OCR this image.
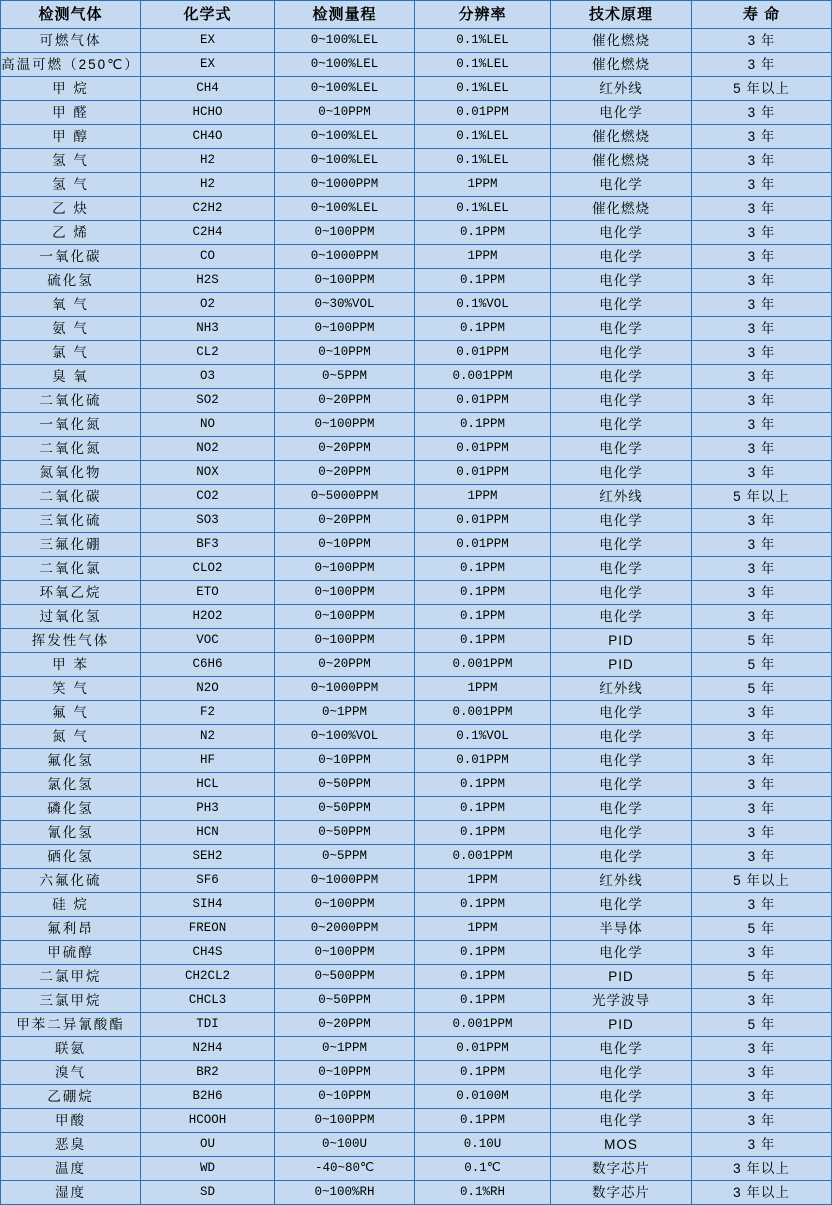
检测气体	化学式	检测量程	分辨率	技术原理	寿 命
可燃气体	EX	0~100%LEL	0.1%LEL	催化燃烧	3 年
高温可燃（250℃）	EX	0~100%LEL	0.1%LEL	催化燃烧	3 年
甲 烷	CH4	0~100%LEL	0.1%LEL	红外线	5 年以上
甲 醛	HCHO	0~10PPM	0.01PPM	电化学	3 年
甲 醇	CH4O	0~100%LEL	0.1%LEL	催化燃烧	3 年
氢 气	H2	0~100%LEL	0.1%LEL	催化燃烧	3 年
氢 气	H2	0~1000PPM	1PPM	电化学	3 年
乙 炔	C2H2	0~100%LEL	0.1%LEL	催化燃烧	3 年
乙 烯	C2H4	0~100PPM	0.1PPM	电化学	3 年
一氧化碳	CO	0~1000PPM	1PPM	电化学	3 年
硫化氢	H2S	0~100PPM	0.1PPM	电化学	3 年
氧 气	O2	0~30%VOL	0.1%VOL	电化学	3 年
氨 气	NH3	0~100PPM	0.1PPM	电化学	3 年
氯 气	CL2	0~10PPM	0.01PPM	电化学	3 年
臭 氧	O3	0~5PPM	0.001PPM	电化学	3 年
二氧化硫	SO2	0~20PPM	0.01PPM	电化学	3 年
一氧化氮	NO	0~100PPM	0.1PPM	电化学	3 年
二氧化氮	NO2	0~20PPM	0.01PPM	电化学	3 年
氮氧化物	NOX	0~20PPM	0.01PPM	电化学	3 年
二氧化碳	CO2	0~5000PPM	1PPM	红外线	5 年以上
三氧化硫	SO3	0~20PPM	0.01PPM	电化学	3 年
三氟化硼	BF3	0~10PPM	0.01PPM	电化学	3 年
二氧化氯	CLO2	0~100PPM	0.1PPM	电化学	3 年
环氧乙烷	ETO	0~100PPM	0.1PPM	电化学	3 年
过氧化氢	H2O2	0~100PPM	0.1PPM	电化学	3 年
挥发性气体	VOC	0~100PPM	0.1PPM	PID	5 年
甲 苯	C6H6	0~20PPM	0.001PPM	PID	5 年
笑 气	N2O	0~1000PPM	1PPM	红外线	5 年
氟 气	F2	0~1PPM	0.001PPM	电化学	3 年
氮 气	N2	0~100%VOL	0.1%VOL	电化学	3 年
氟化氢	HF	0~10PPM	0.01PPM	电化学	3 年
氯化氢	HCL	0~50PPM	0.1PPM	电化学	3 年
磷化氢	PH3	0~50PPM	0.1PPM	电化学	3 年
氰化氢	HCN	0~50PPM	0.1PPM	电化学	3 年
硒化氢	SEH2	0~5PPM	0.001PPM	电化学	3 年
六氟化硫	SF6	0~1000PPM	1PPM	红外线	5 年以上
硅 烷	SIH4	0~100PPM	0.1PPM	电化学	3 年
氟利昂	FREON	0~2000PPM	1PPM	半导体	5 年
甲硫醇	CH4S	0~100PPM	0.1PPM	电化学	3 年
二氯甲烷	CH2CL2	0~500PPM	0.1PPM	PID	5 年
三氯甲烷	CHCL3	0~50PPM	0.1PPM	光学波导	3 年
甲苯二异氰酸酯	TDI	0~20PPM	0.001PPM	PID	5 年
联氨	N2H4	0~1PPM	0.01PPM	电化学	3 年
溴气	BR2	0~10PPM	0.1PPM	电化学	3 年
乙硼烷	B2H6	0~10PPM	0.0100M	电化学	3 年
甲酸	HCOOH	0~100PPM	0.1PPM	电化学	3 年
恶臭	OU	0~100U	0.10U	MOS	3 年
温度	WD	-40~80℃	0.1℃	数字芯片	3 年以上
湿度	SD	0~100%RH	0.1%RH	数字芯片	3 年以上
